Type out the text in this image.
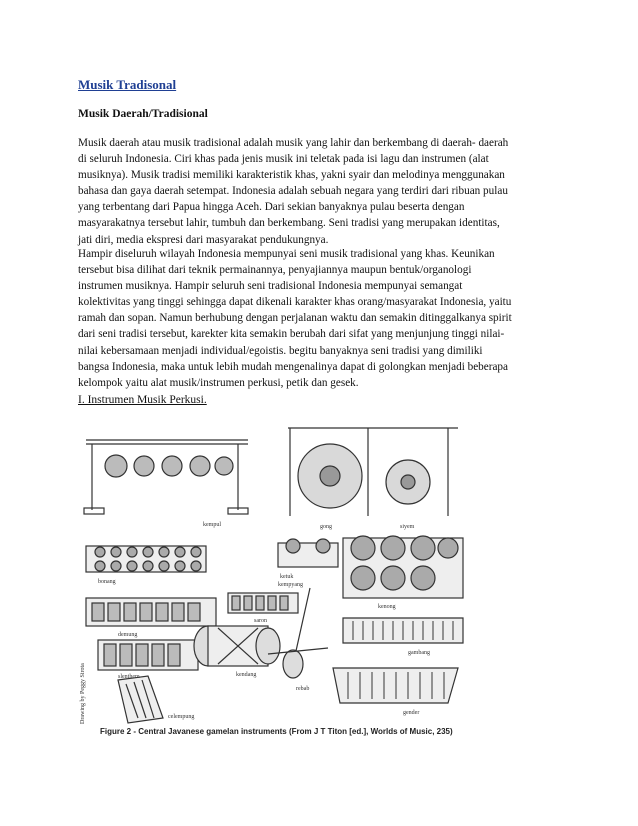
Musik Tradisonal
Musik Daerah/Tradisional
Musik daerah atau musik tradisional adalah musik yang lahir dan berkembang di daerah- daerah
di seluruh Indonesia. Ciri khas pada jenis musik ini teletak pada isi lagu dan instrumen (alat
musiknya). Musik tradisi memiliki karakteristik khas, yakni syair dan melodinya menggunakan
bahasa dan gaya daerah setempat. Indonesia adalah sebuah negara yang terdiri dari ribuan pulau
yang terbentang dari Papua hingga Aceh. Dari sekian banyaknya pulau beserta dengan
masyarakatnya tersebut lahir, tumbuh dan berkembang. Seni tradisi yang merupakan identitas,
jati diri, media ekspresi dari masyarakat pendukungnya.
Hampir diseluruh wilayah Indonesia mempunyai seni musik tradisional yang khas. Keunikan
tersebut bisa dilihat dari teknik permainannya, penyajiannya maupun bentuk/organologi
instrumen musiknya. Hampir seluruh seni tradisional Indonesia mempunyai semangat
kolektivitas yang tinggi sehingga dapat dikenali karakter khas orang/masyarakat Indonesia, yaitu
ramah dan sopan. Namun berhubung dengan perjalanan waktu dan semakin ditinggalkanya spirit
dari seni tradisi tersebut, karekter kita semakin berubah dari sifat yang menjunjung tinggi nilai-
nilai kebersamaan menjadi individual/egoistis. begitu banyaknya seni tradisi yang dimiliki
bangsa Indonesia, maka untuk lebih mudah mengenalinya dapat di golongkan menjadi beberapa
kelompok yaitu alat musik/instrumen perkusi, petik dan gesek.
I. Instrumen Musik Perkusi.
kempul	gong	siyem
bonang
ketuk
kempyang
kenong
saron
demung
kendang
rebab
gambang
gender
slenthem
celempung
Drawing by Peggy Sirota
Figure 2 - Central Javanese gamelan instruments (From J T Titon [ed.], Worlds of Music, 235)
